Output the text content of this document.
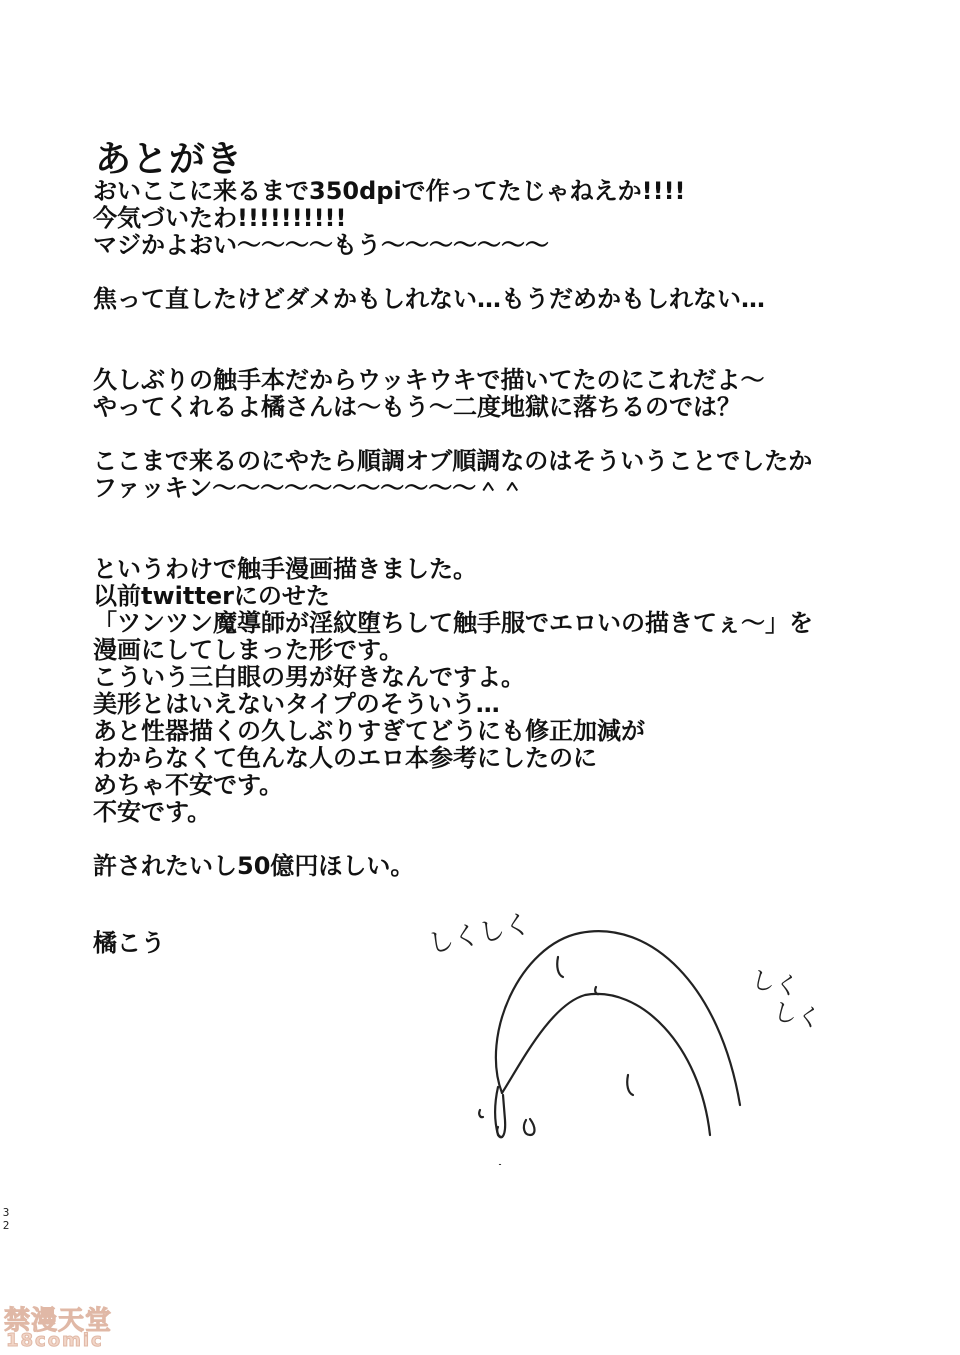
あとがき
おいここに来るまで350dpiで作ってたじゃねえか!!!!
今気づいたわ!!!!!!!!!!
マジかよおい〜〜〜〜もう〜〜〜〜〜〜〜
焦って直したけどダメかもしれない…もうだめかもしれない…
久しぶりの触手本だからウッキウキで描いてたのにこれだよ〜
やってくれるよ橘さんは〜もう〜二度地獄に落ちるのでは？
ここまで来るのにやたら順調オブ順調なのはそういうことでしたか
ファッキン〜〜〜〜〜〜〜〜〜〜〜＾＾
というわけで触手漫画描きました。
以前twitterにのせた
「ツンツン魔導師が淫紋堕ちして触手服でエロいの描きてぇ〜」を
漫画にしてしまった形です。
こういう三白眼の男が好きなんですよ。
美形とはいえないタイプのそういう…
あと性器描くの久しぶりすぎてどうにも修正加減が
わからなくて色んな人のエロ本参考にしたのに
めちゃ不安です。
不安です。
許されたいし50億円ほしい。
橘こう	しくしく
しく
しく
3
2
禁漫天堂
18comic
